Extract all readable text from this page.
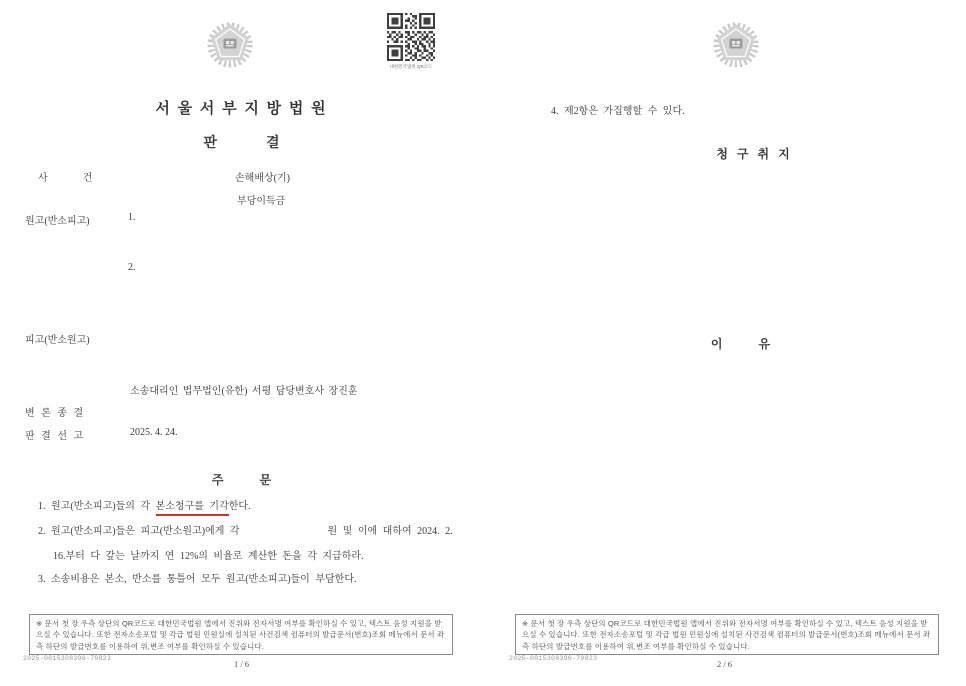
대한민국법원 QR코드
서 울 서 부 지 방 법 원
판              결
사              건	손해배상(기)
부당이득금
원고(반소피고)	1.
2.
피고(반소원고)
소송대리인 법무법인(유한) 서평 담당변호사 장진훈
변 론 종 결
판 결 선 고	2025. 4. 24.
주            문
1. 원고(반소피고)들의 각 본소청구를 기각한다.
2. 원고(반소피고)들은 피고(반소원고)에게 각                원 및 이에 대하여 2024. 2.
16.부터 다 갚는 날까지 연 12%의 비율로 계산한 돈을 각 지급하라.
3. 소송비용은 본소, 반소를 통틀어 모두 원고(반소피고)들이 부담한다.
※ 문서 첫 장 우측 상단의 QR코드로 대한민국법원 앱에서 진위와 전자서명 여부를 확인하실 수 있고, 텍스트 음성 지원을 받으실 수 있습니다. 또한 전자소송포털 및 각급 법원 민원실에 설치된 사건검색 컴퓨터의 발급문서(번호)조회 메뉴에서 문서 좌측 하단의 발급번호를 이용하여 위,변조 여부를 확인하실 수 있습니다.
2025-0015308396-79823
1 / 6
4. 제2항은 가집행할 수 있다.
청 구 취 지
이            유
※ 문서 첫 장 우측 상단의 QR코드로 대한민국법원 앱에서 진위와 전자서명 여부를 확인하실 수 있고, 텍스트 음성 지원을 받으실 수 있습니다. 또한 전자소송포털 및 각급 법원 민원실에 설치된 사건검색 컴퓨터의 발급문서(번호)조회 메뉴에서 문서 좌측 하단의 발급번호를 이용하여 위,변조 여부를 확인하실 수 있습니다.
2025-0015308396-79823
2 / 6
